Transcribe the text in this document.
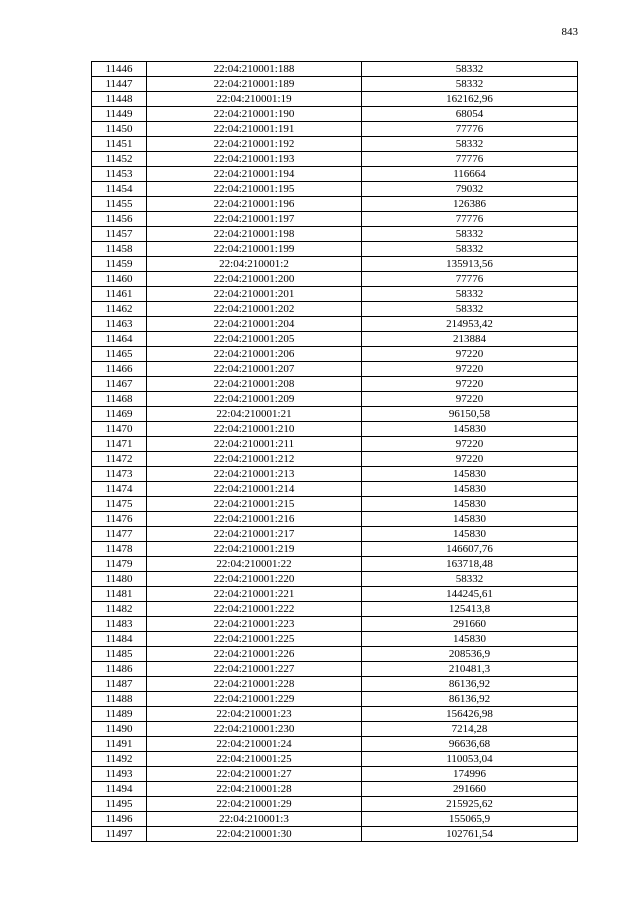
843
11446	22:04:210001:188	58332
11447	22:04:210001:189	58332
11448	22:04:210001:19	162162,96
11449	22:04:210001:190	68054
11450	22:04:210001:191	77776
11451	22:04:210001:192	58332
11452	22:04:210001:193	77776
11453	22:04:210001:194	116664
11454	22:04:210001:195	79032
11455	22:04:210001:196	126386
11456	22:04:210001:197	77776
11457	22:04:210001:198	58332
11458	22:04:210001:199	58332
11459	22:04:210001:2	135913,56
11460	22:04:210001:200	77776
11461	22:04:210001:201	58332
11462	22:04:210001:202	58332
11463	22:04:210001:204	214953,42
11464	22:04:210001:205	213884
11465	22:04:210001:206	97220
11466	22:04:210001:207	97220
11467	22:04:210001:208	97220
11468	22:04:210001:209	97220
11469	22:04:210001:21	96150,58
11470	22:04:210001:210	145830
11471	22:04:210001:211	97220
11472	22:04:210001:212	97220
11473	22:04:210001:213	145830
11474	22:04:210001:214	145830
11475	22:04:210001:215	145830
11476	22:04:210001:216	145830
11477	22:04:210001:217	145830
11478	22:04:210001:219	146607,76
11479	22:04:210001:22	163718,48
11480	22:04:210001:220	58332
11481	22:04:210001:221	144245,61
11482	22:04:210001:222	125413,8
11483	22:04:210001:223	291660
11484	22:04:210001:225	145830
11485	22:04:210001:226	208536,9
11486	22:04:210001:227	210481,3
11487	22:04:210001:228	86136,92
11488	22:04:210001:229	86136,92
11489	22:04:210001:23	156426,98
11490	22:04:210001:230	7214,28
11491	22:04:210001:24	96636,68
11492	22:04:210001:25	110053,04
11493	22:04:210001:27	174996
11494	22:04:210001:28	291660
11495	22:04:210001:29	215925,62
11496	22:04:210001:3	155065,9
11497	22:04:210001:30	102761,54
